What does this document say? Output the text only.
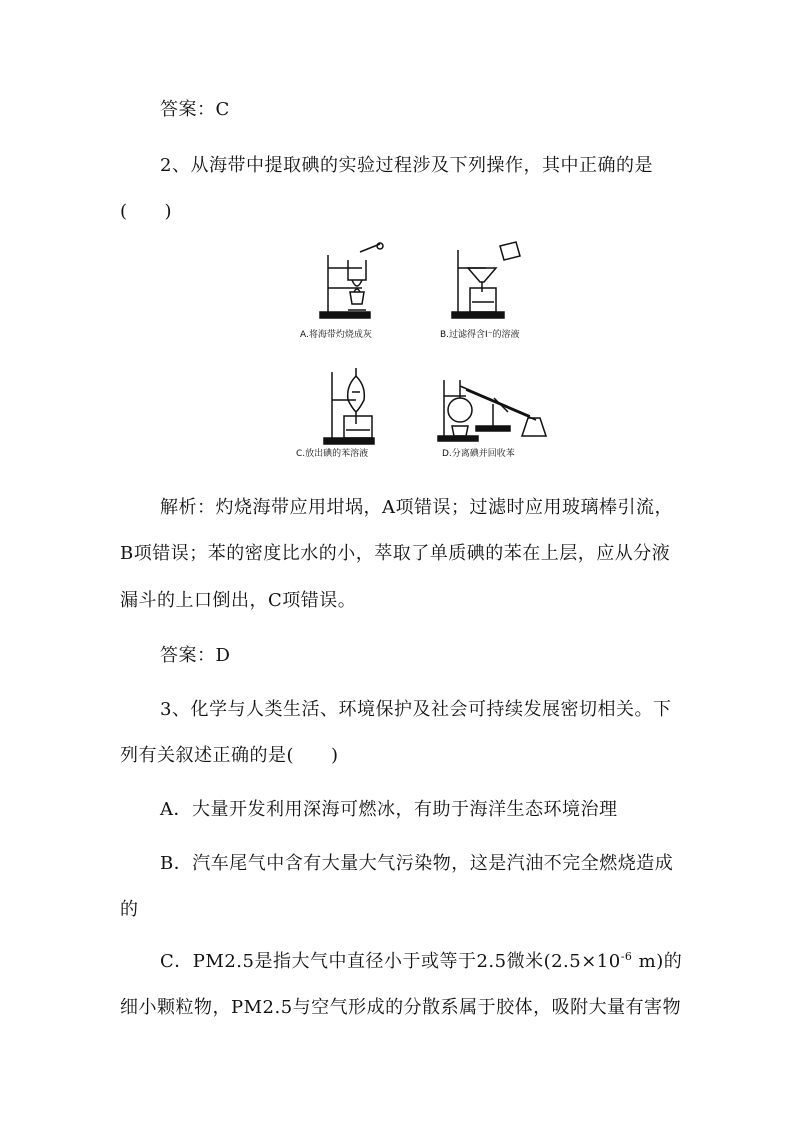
答案：C
2、从海带中提取碘的实验过程涉及下列操作，其中正确的是
(　　)
A.将海带灼烧成灰	B.过滤得含I⁻的溶液
C.放出碘的苯溶液	D.分离碘并回收苯
解析：灼烧海带应用坩埚，A项错误；过滤时应用玻璃棒引流，
B项错误；苯的密度比水的小，萃取了单质碘的苯在上层，应从分液
漏斗的上口倒出，C项错误。
答案：D
3、化学与人类生活、环境保护及社会可持续发展密切相关。下
列有关叙述正确的是(　　)
A．大量开发利用深海可燃冰，有助于海洋生态环境治理
B．汽车尾气中含有大量大气污染物，这是汽油不完全燃烧造成
的
C．PM2.5是指大气中直径小于或等于2.5微米($2.5\times 10^{-6}$ m)的
细小颗粒物，PM2.5与空气形成的分散系属于胶体，吸附大量有害物
